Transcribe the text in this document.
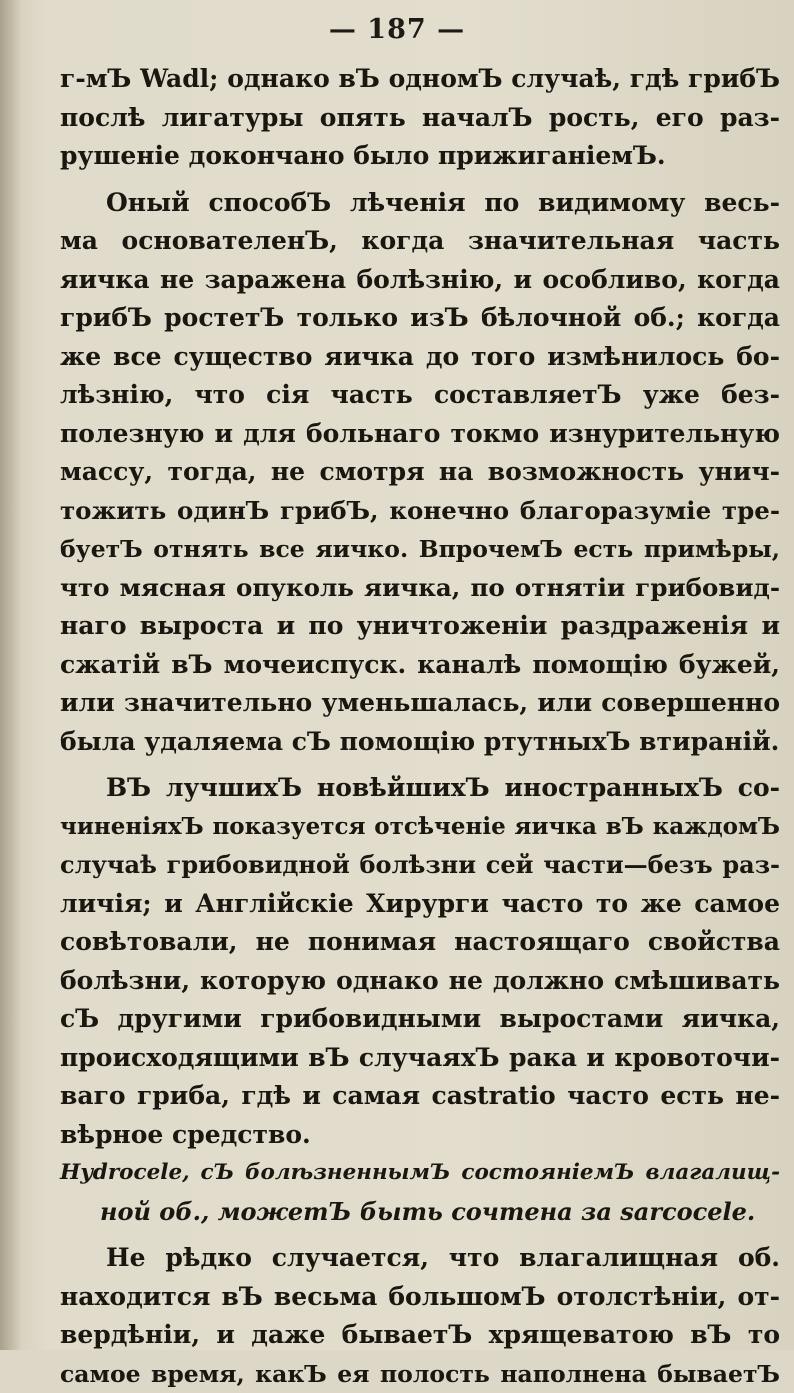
— 187 —
г-мЪ Wadl; однако вЪ одномЪ случаѣ, гдѣ грибЪ
послѣ лигатуры опять началЪ рость, его раз-
рушеніе докончано было прижиганіемЪ.
Оный способЪ лѣченія по видимому весь-
ма основателенЪ, когда значительная часть
яичка не заражена болѣзнію, и особливо, когда
грибЪ ростетЪ только изЪ бѣлочной об.; когда
же все существо яичка до того измѣнилось бо-
лѣзнію, что сія часть составляетЪ уже без-
полезную и для больнаго токмо изнурительную
массу, тогда, не смотря на возможность унич-
тожить одинЪ грибЪ, конечно благоразуміе тре-
буетЪ отнять все яичко. ВпрочемЪ есть примѣры,
что мясная опуколь яичка, по отнятіи грибовид-
наго выроста и по уничтоженіи раздраженія и
сжатій вЪ мочеиспуск. каналѣ помощію бужей,
или значительно уменьшалась, или совершенно
была удаляема сЪ помощію ртутныхЪ втираній.
ВЪ лучшихЪ новѣйшихЪ иностранныхЪ со-
чиненіяхЪ показуется отсѣченіе яичка вЪ каждомЪ
случаѣ грибовидной болѣзни сей части—безъ раз-
личія; и Англійскіе Хирурги часто то же самое
совѣтовали, не понимая настоящаго свойства
болѣзни, которую однако не должно смѣшивать
сЪ другими грибовидными выростами яичка,
происходящими вЪ случаяхЪ рака и кровоточи-
ваго гриба, гдѣ и самая castratio часто есть не-
вѣрное средство.
Hydrocele, сЪ болѣзненнымЪ состояніемЪ влагалищ-
ной об., можетЪ быть сочтена за sarcocele.
Не рѣдко случается, что влагалищная об.
находится вЪ весьма большомЪ отолстѣніи, от-
вердѣніи, и даже бываетЪ хрящеватою вЪ то
самое время, какЪ ея полость наполнена бываетЪ
